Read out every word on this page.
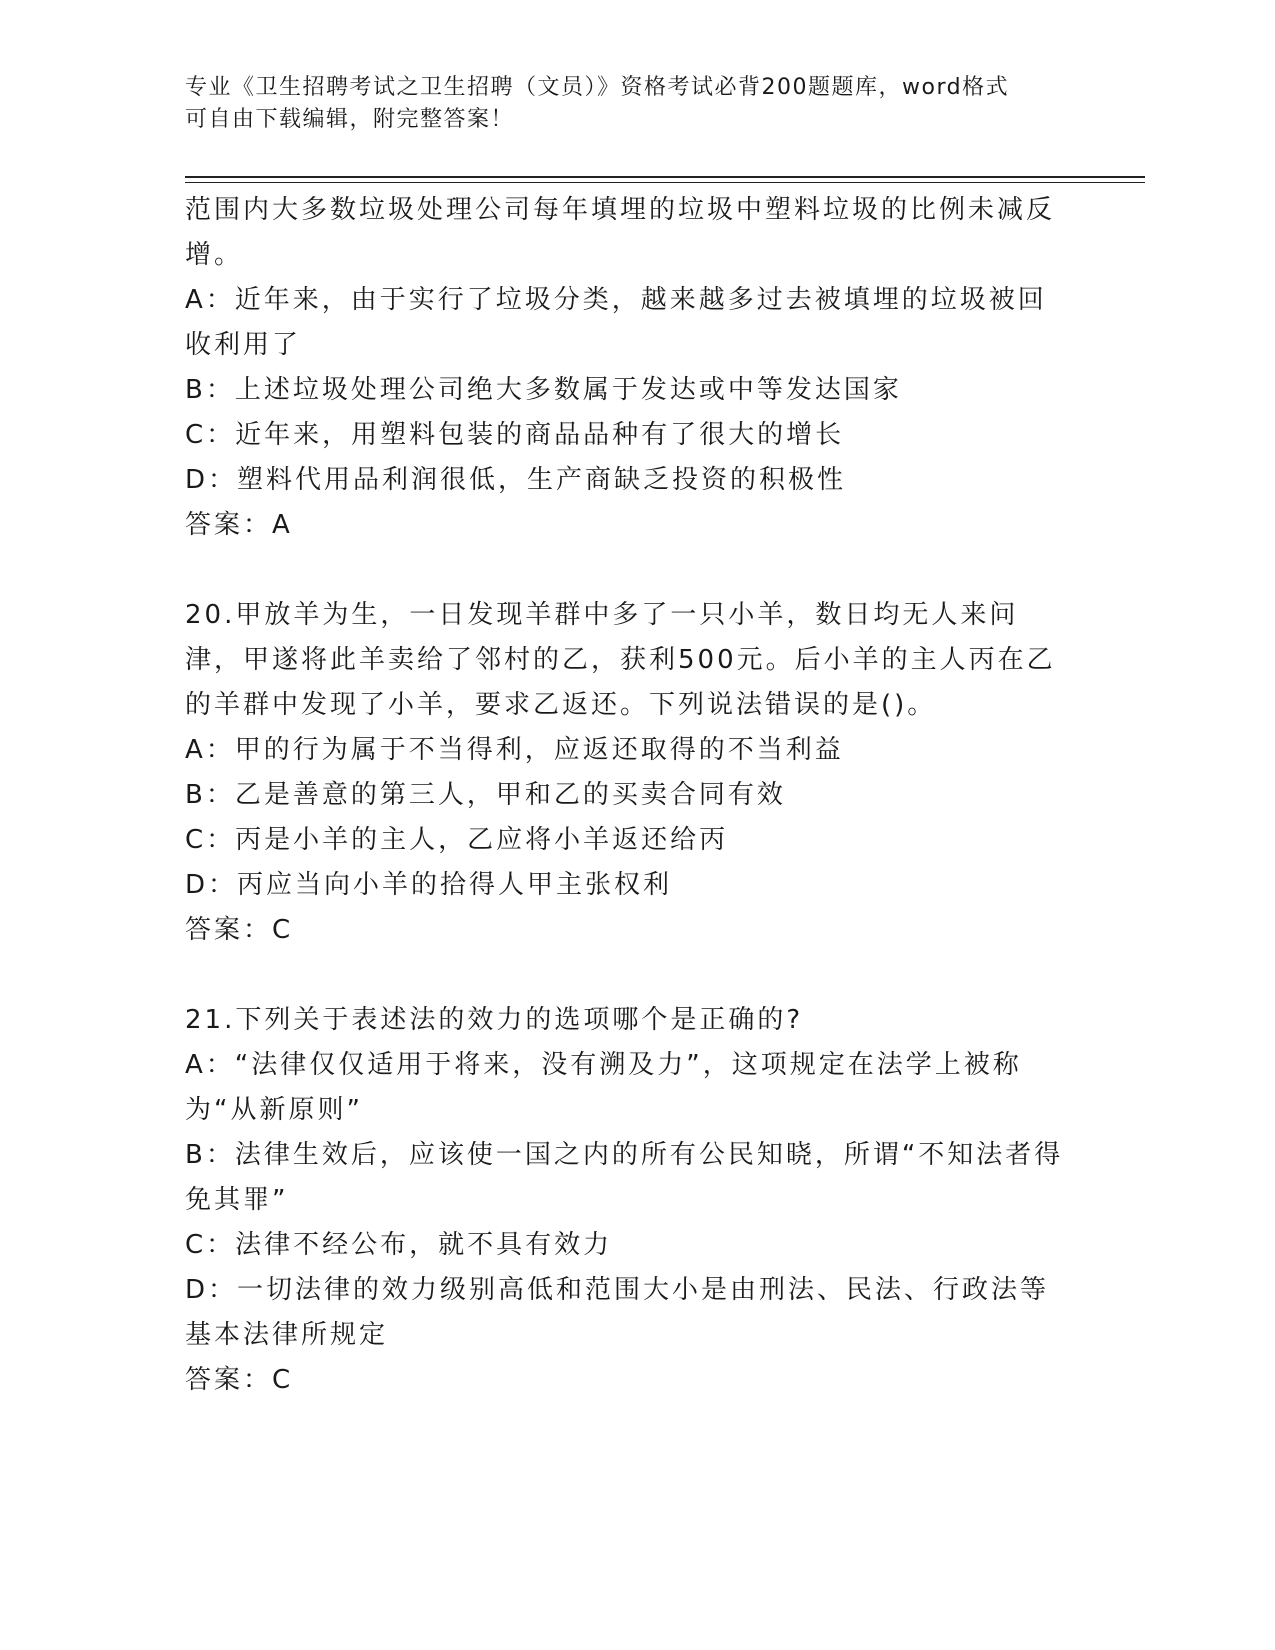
专业《卫生招聘考试之卫生招聘（文员）》资格考试必背200题题库，word格式
可自由下载编辑，附完整答案！

范围内大多数垃圾处理公司每年填埋的垃圾中塑料垃圾的比例未减反增。

A：近年来，由于实行了垃圾分类，越来越多过去被填埋的垃圾被回收利用了

B：上述垃圾处理公司绝大多数属于发达或中等发达国家

C：近年来，用塑料包装的商品品种有了很大的增长

D：塑料代用品利润很低，生产商缺乏投资的积极性

答案：A

20.甲放羊为生，一日发现羊群中多了一只小羊，数日均无人来问津，甲遂将此羊卖给了邻村的乙，获利500元。后小羊的主人丙在乙的羊群中发现了小羊，要求乙返还。下列说法错误的是()。

A：甲的行为属于不当得利，应返还取得的不当利益

B：乙是善意的第三人，甲和乙的买卖合同有效

C：丙是小羊的主人，乙应将小羊返还给丙

D：丙应当向小羊的拾得人甲主张权利

答案：C

21.下列关于表述法的效力的选项哪个是正确的?

A：“法律仅仅适用于将来，没有溯及力”，这项规定在法学上被称为“从新原则”

B：法律生效后，应该使一国之内的所有公民知晓，所谓“不知法者得免其罪”

C：法律不经公布，就不具有效力

D：一切法律的效力级别高低和范围大小是由刑法、民法、行政法等基本法律所规定

答案：C
